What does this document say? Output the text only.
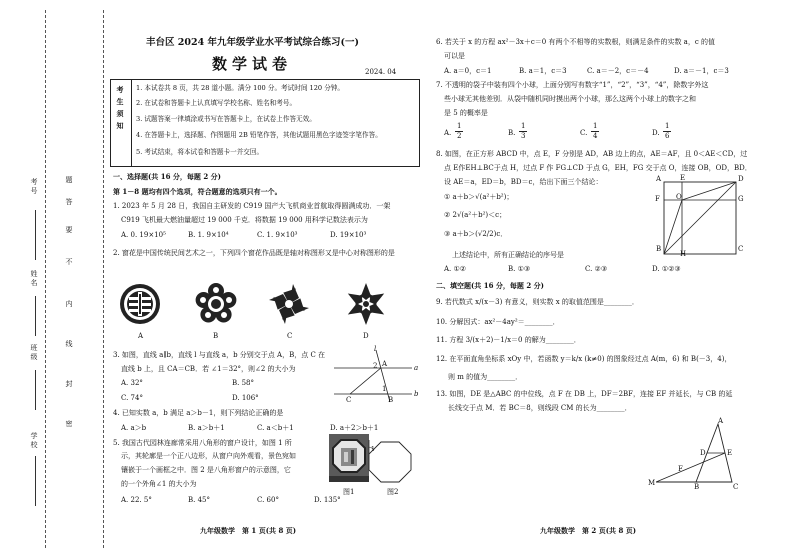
考号
姓名
班级
学校
密
封
线
内
不
要
答
题
丰台区 2024 年九年级学业水平考试综合练习(一)
数学试卷	2024. 04
考生须知 1. 本试卷共 8 页，共 28 道小题。满分 100 分。考试时间 120 分钟。
2. 在试卷和答题卡上认真填写学校名称、姓名和考号。
3. 试题答案一律填涂或书写在答题卡上，在试卷上作答无效。
4. 在答题卡上，选择题、作图题用 2B 铅笔作答，其他试题用黑色字迹签字笔作答。
5. 考试结束，将本试卷和答题卡一并交回。
一、选择题(共 16 分，每题 2 分)
第 1－8 题均有四个选项，符合题意的选项只有一个。
1. 2023 年 5 月 28 日，我国自主研发的 C919 国产大飞机商业首航取得圆满成功．一架
C919 飞机最大燃油量超过 19 000 千克．将数据 19 000 用科学记数法表示为
A. 0. 19×10⁵	B. 1. 9×10⁴	C. 1. 9×10³	D. 19×10³
2. 窗花是中国传统民间艺术之一，下列四个窗花作品既是轴对称图形又是中心对称图形的是
A	B	C	D
3. 如图，直线 a∥b，直线 l 与直线 a，b 分别交于点 A，B，点 C 在
直线 b 上，且 CA＝CB．若 ∠1＝32°，则∠2 的大小为
A. 32°	B. 58°
C. 74°	D. 106°
l
A
2
1
a
b
C	B
4. 已知实数 a，b 满足 a＞b－1，则下列结论正确的是
A. a＞b	B. a＞b＋1	C. a＜b＋1	D. a＋2＞b＋1
5. 我国古代园林连廊常采用八角形的窗户设计，如图 1 所
示，其轮廓是一个正八边形，从窗户向外观看，景色宛如
镶嵌于一个画框之中．图 2 是八角形窗户的示意图，它
的一个外角∠1 的大小为
A. 22. 5°	B. 45°	C. 60°	D. 135°
1
图1	图2
九年级数学　第 1 页(共 8 页)
6. 若关于 x 的方程 ax²－3x＋c＝0 有两个不相等的实数根，则满足条件的实数 a，c 的值
可以是
A. a＝0，c＝1	B. a＝1，c＝3	C. a＝－2，c＝－4	D. a＝－1，c＝3
7. 不透明的袋子中装有四个小球，上面分别写有数字“1”，“2”，“3”，“4”，除数字外这
些小球无其他差别．从袋中随机同时摸出两个小球，那么这两个小球上的数字之和
是 5 的概率是
A.
1
2	B.
1
3	C.
1
4	D.
1
6
8. 如图，在正方形 ABCD 中，点 E，F 分别是 AD，AB 边上的点，AE＝AF，且 0＜AE＜CD，过
点 E作EH⊥BC于点 H，过点 F 作 FG⊥CD 于点 G，EH，FG 交于点 O，连接 OB，OD，BD．
设 AE＝a，ED＝b，BD＝c，给出下面三个结论：
① a＋b＞√(a²＋b²)；
② 2√(a²＋b²)＜c；
③ a＋b＞(√2/2)c．
上述结论中，所有正确结论的序号是
A. ①②	B. ①③	C. ②③	D. ①②③
A	E	D
F O	G
B
H
C
二、填空题(共 16 分，每题 2 分)
9. 若代数式 x/(x－3) 有意义，则实数 x 的取值范围是________．
10. 分解因式：ax²－4ay²＝________．
11. 方程 3/(x＋2)－1/x＝0 的解为________．
12. 在平面直角坐标系 xOy 中，若函数 y＝k/x (k≠0) 的图象经过点 A(m，6) 和 B(－3，4)，
则 m 的值为________．
13. 如图，DE 是△ABC 的中位线，点 F 在 DB 上，DF＝2BF，连接 EF 并延长，与 CB 的延
长线交于点 M．若 BC＝8，则线段 CM 的长为________．
A
D	E
F
M	B	C
九年级数学　第 2 页(共 8 页)
